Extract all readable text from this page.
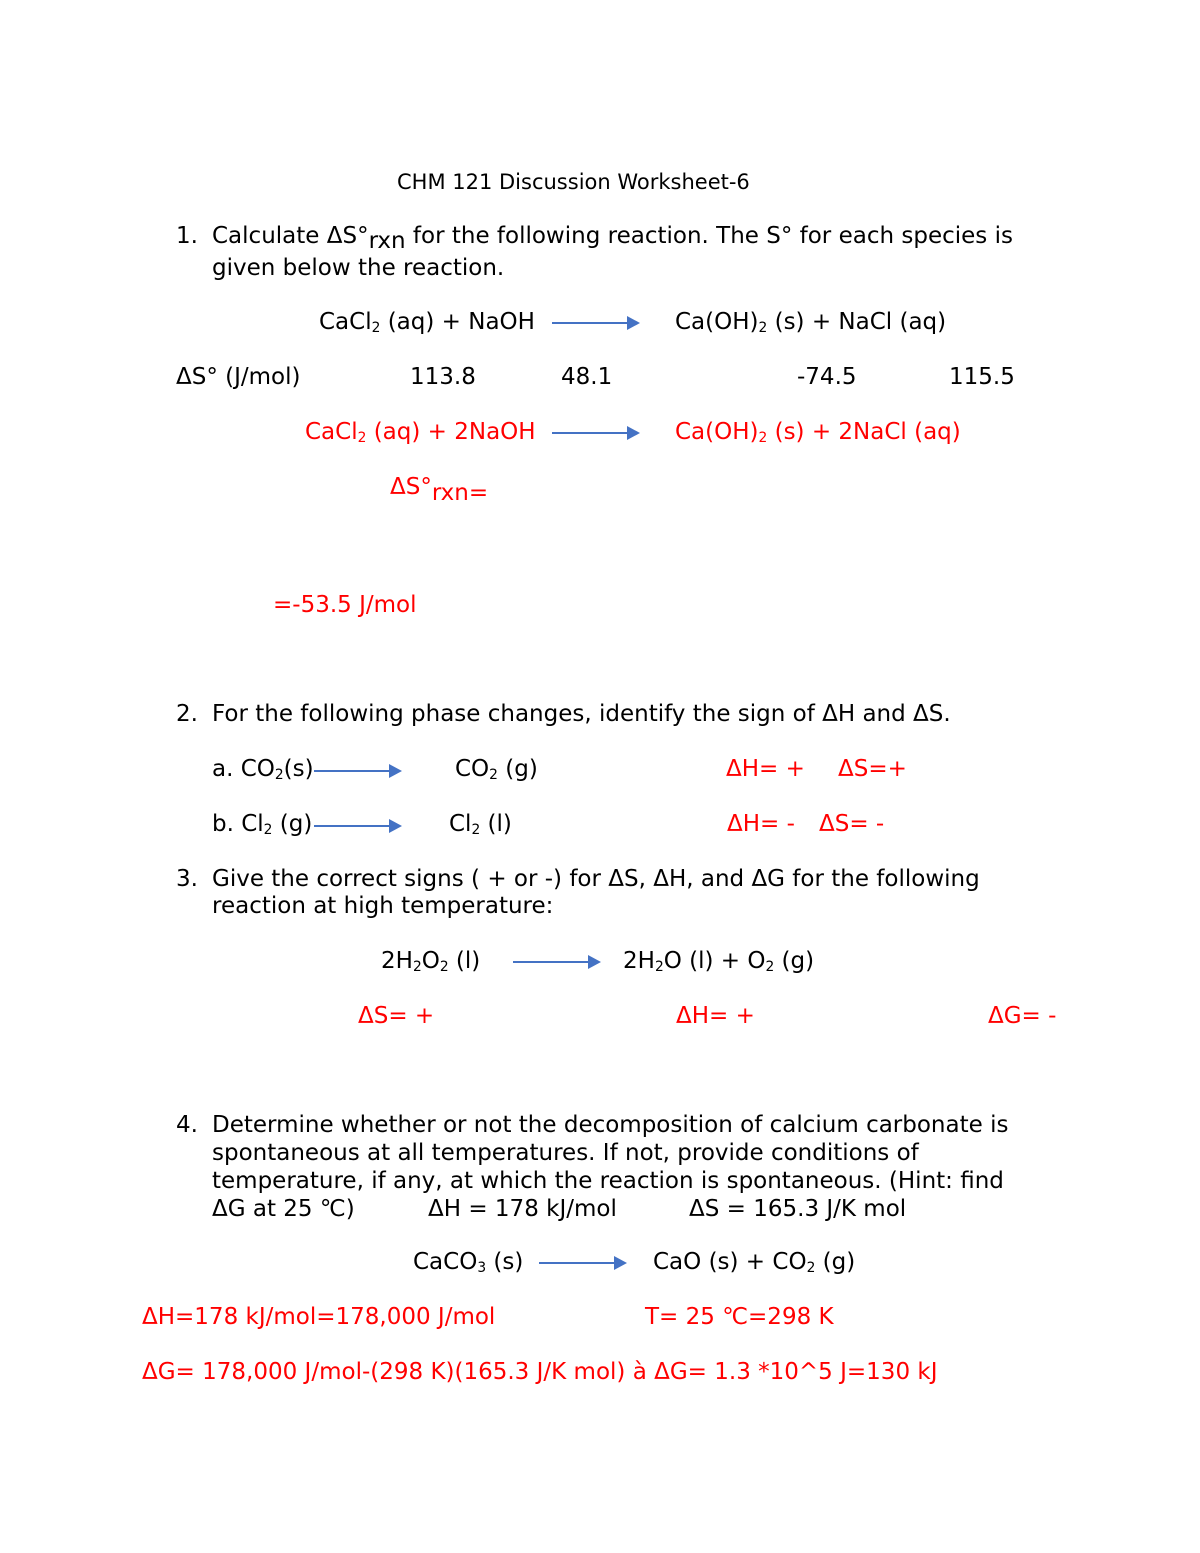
CHM 121 Discussion Worksheet-6
1. Calculate ΔS°rxn for the following reaction. The S° for each species is
given below the reaction.
CaCl$_2$ (aq) + NaOH	$Ca(OH)_2$ (s) + NaCl (aq)
ΔS° (J/mol)	113.8	48.1	-74.5	115.5
CaCl$_2$ (aq) + 2NaOH	$Ca(OH)_2$ (s) + 2NaCl (aq)
ΔS°rxn=
=-53.5 J/mol
2. For the following phase changes, identify the sign of ΔH and ΔS.
a. $CO_2(s)$	$CO_2$ (g)	ΔH= + ΔS=+
b. $Cl_2$ (g)	$Cl_2$ (l)	ΔH= - ΔS= -
3. Give the correct signs ( + or -) for ΔS, ΔH, and ΔG for the following
reaction at high temperature:
$2H_2O_2$ (l)	$2H_2O$ $(l) + O_2$ (g)
ΔS= +	ΔH= +	ΔG= -
4. Determine whether or not the decomposition of calcium carbonate is
spontaneous at all temperatures. If not, provide conditions of
temperature, if any, at which the reaction is spontaneous. (Hint: find
ΔG at 25 ℃)	ΔH = 178 kJ/mol	ΔS = 165.3 J/K mol
CaCO$_3$ (s)	CaO $(s) + CO_2$ (g)
ΔH=178 kJ/mol=178,000 J/mol	T= 25 ℃=298 K
ΔG= 178,000 J/mol-(298 K)(165.3 J/K mol) à ΔG= 1.3 *10^5 J=130 kJ
